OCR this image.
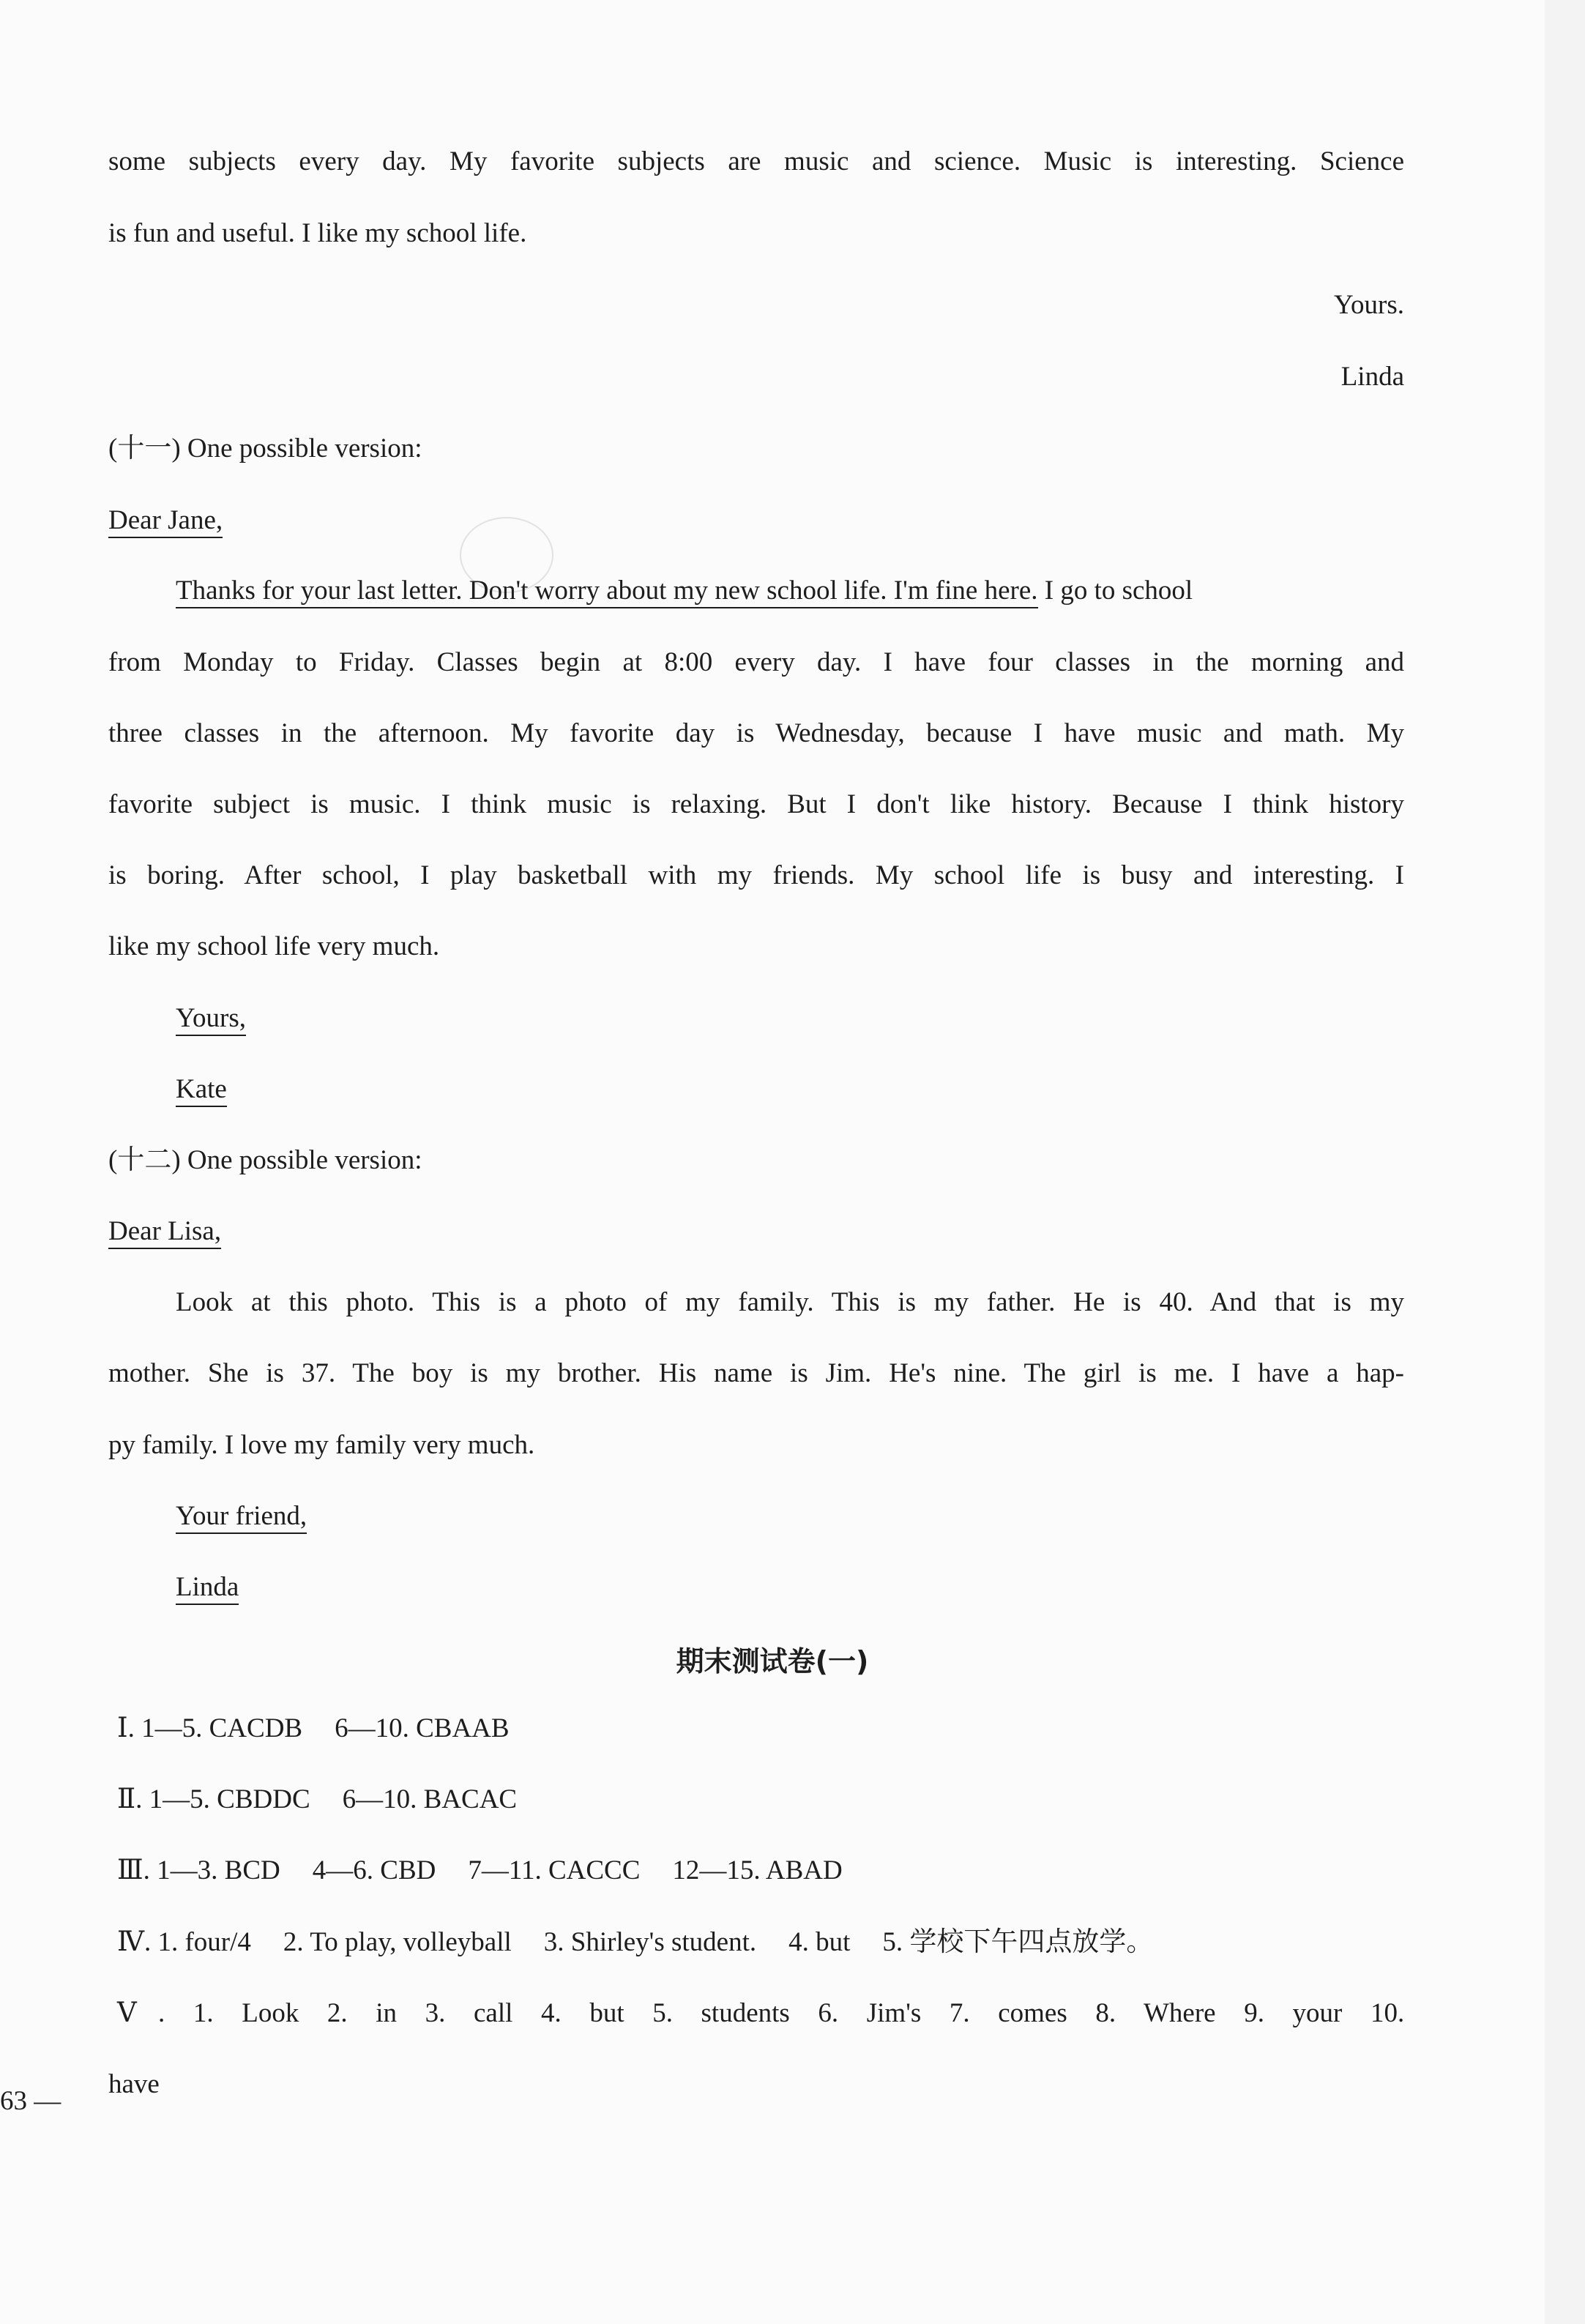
some subjects every day. My favorite subjects are music and science. Music is interesting. Science
is fun and useful. I like my school life.
Yours.
Linda
(十一) One possible version:
Dear Jane,
Thanks for your last letter. Don't worry about my new school life. I'm fine here. I go to school
from Monday to Friday. Classes begin at 8:00 every day. I have four classes in the morning and
three classes in the afternoon. My favorite day is Wednesday, because I have music and math. My
favorite subject is music. I think music is relaxing. But I don't like history. Because I think history
is boring. After school, I play basketball with my friends. My school life is busy and interesting. I
like my school life very much.
Yours,
Kate
(十二) One possible version:
Dear Lisa,
Look at this photo. This is a photo of my family. This is my father. He is 40. And that is my
mother. She is 37. The boy is my brother. His name is Jim. He's nine. The girl is me. I have a hap-
py family. I love my family very much.
Your friend,
Linda
期末测试卷(一)
Ⅰ. 1—5. CACDB 6—10. CBAAB
Ⅱ. 1—5. CBDDC 6—10. BACAC
Ⅲ. 1—3. BCD 4—6. CBD 7—11. CACCC 12—15. ABAD
Ⅳ. 1. four/4 2. To play, volleyball 3. Shirley's student. 4. but 5. 学校下午四点放学。
Ⅴ. 1. Look 2. in 3. call 4. but 5. students 6. Jim's 7. comes 8. Where 9. your 10.
have
63 —
